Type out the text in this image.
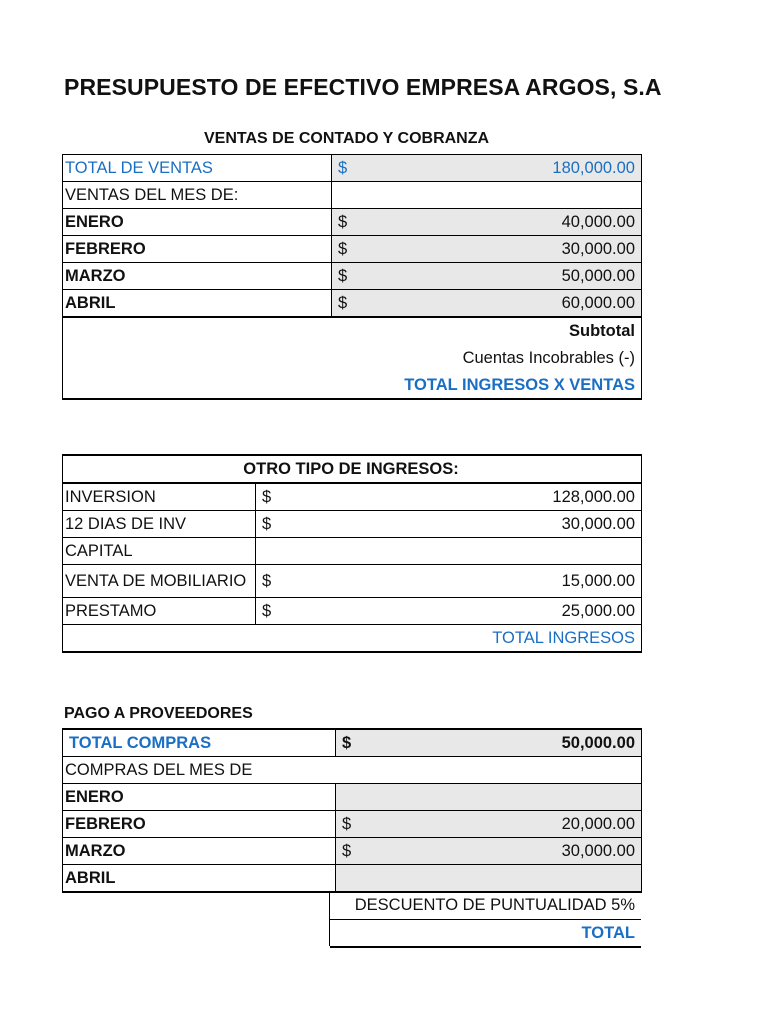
PRESUPUESTO DE EFECTIVO EMPRESA ARGOS, S.A
VENTAS DE CONTADO Y COBRANZA
TOTAL DE VENTAS	$	180,000.00
VENTAS DEL MES DE:		
ENERO	$	40,000.00
FEBRERO	$	30,000.00
MARZO	$	50,000.00
ABRIL	$	60,000.00
Subtotal
Cuentas Incobrables (-)
TOTAL INGRESOS X VENTAS
OTRO TIPO DE INGRESOS:		
INVERSION	$	128,000.00
12 DIAS DE INV	$	30,000.00
CAPITAL		
VENTA DE MOBILIARIO	$	15,000.00
PRESTAMO	$	25,000.00
TOTAL INGRESOS		
PAGO A PROVEEDORES
TOTAL COMPRAS	$	50,000.00
COMPRAS DEL MES DE		
ENERO		
FEBRERO	$	20,000.00
MARZO	$	30,000.00
ABRIL		
DESCUENTO DE PUNTUALIDAD 5%
TOTAL
